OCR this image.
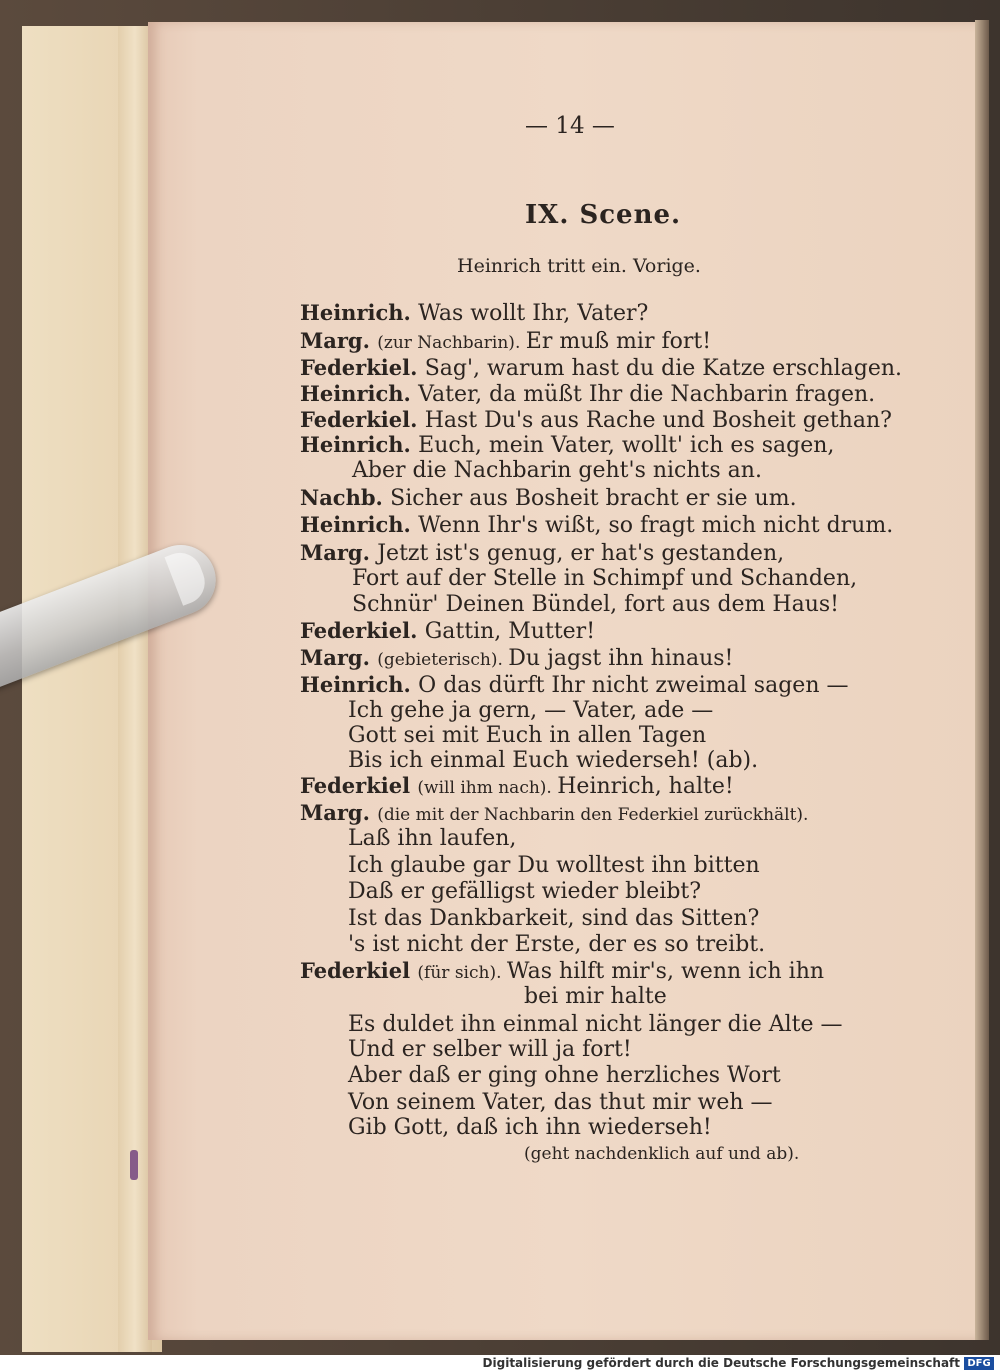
— 14 —
IX. Scene.
Heinrich tritt ein. Vorige.
Heinrich. Was wollt Ihr, Vater?
Marg. (zur Nachbarin). Er muß mir fort!
Federkiel. Sag', warum hast du die Katze erschlagen.
Heinrich. Vater, da müßt Ihr die Nachbarin fragen.
Federkiel. Hast Du's aus Rache und Bosheit gethan?
Heinrich. Euch, mein Vater, wollt' ich es sagen,
Aber die Nachbarin geht's nichts an.
Nachb. Sicher aus Bosheit bracht er sie um.
Heinrich. Wenn Ihr's wißt, so fragt mich nicht drum.
Marg. Jetzt ist's genug, er hat's gestanden,
Fort auf der Stelle in Schimpf und Schanden,
Schnür' Deinen Bündel, fort aus dem Haus!
Federkiel. Gattin, Mutter!
Marg. (gebieterisch). Du jagst ihn hinaus!
Heinrich. O das dürft Ihr nicht zweimal sagen —
Ich gehe ja gern, — Vater, ade —
Gott sei mit Euch in allen Tagen
Bis ich einmal Euch wiederseh! (ab).
Federkiel (will ihm nach). Heinrich, halte!
Marg. (die mit der Nachbarin den Federkiel zurückhält).
Laß ihn laufen,
Ich glaube gar Du wolltest ihn bitten
Daß er gefälligst wieder bleibt?
Ist das Dankbarkeit, sind das Sitten?
's ist nicht der Erste, der es so treibt.
Federkiel (für sich). Was hilft mir's, wenn ich ihn
bei mir halte
Es duldet ihn einmal nicht länger die Alte —
Und er selber will ja fort!
Aber daß er ging ohne herzliches Wort
Von seinem Vater, das thut mir weh —
Gib Gott, daß ich ihn wiederseh!
(geht nachdenklich auf und ab).
Digitalisierung gefördert durch die Deutsche Forschungsgemeinschaft DFG
